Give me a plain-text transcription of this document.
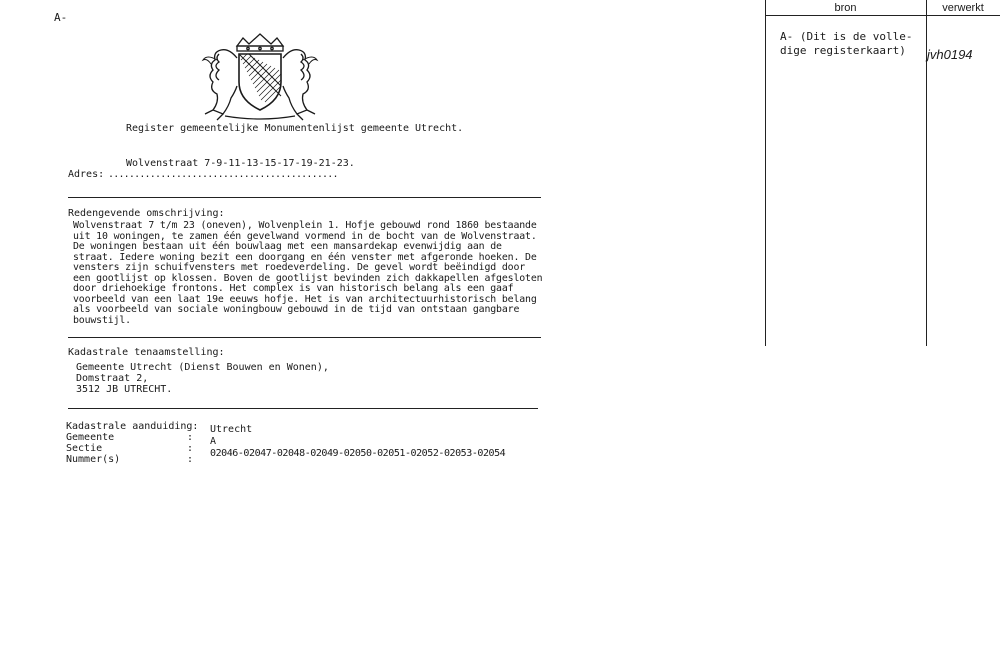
A-
Register gemeentelijke Monumentenlijst gemeente Utrecht.
Wolvenstraat 7-9-11-13-15-17-19-21-23.
Adres: ............................................
Redengevende omschrijving:
Wolvenstraat 7 t/m 23 (oneven), Wolvenplein 1. Hofje gebouwd rond 1860 bestaande
uit 10 woningen, te zamen één gevelwand vormend in de bocht van de Wolvenstraat.
De woningen bestaan uit één bouwlaag met een mansardekap evenwijdig aan de
straat. Iedere woning bezit een doorgang en één venster met afgeronde hoeken. De
vensters zijn schuifvensters met roedeverdeling. De gevel wordt beëindigd door
een gootlijst op klossen. Boven de gootlijst bevinden zich dakkapellen afgesloten
door driehoekige frontons. Het complex is van historisch belang als een gaaf
voorbeeld van een laat 19e eeuws hofje. Het is van architectuurhistorisch belang
als voorbeeld van sociale woningbouw gebouwd in de tijd van ontstaan gangbare
bouwstijl.
Kadastrale tenaamstelling:
Gemeente Utrecht (Dienst Bouwen en Wonen),
Domstraat 2,
3512 JB UTRECHT.
Kadastrale aanduiding:
Gemeente
Sectie
Nummer(s)
:
:
:
Utrecht
A
02046-02047-02048-02049-02050-02051-02052-02053-02054
bron	verwerkt
A- (Dit is de volle-
dige registerkaart)	jvh0194
